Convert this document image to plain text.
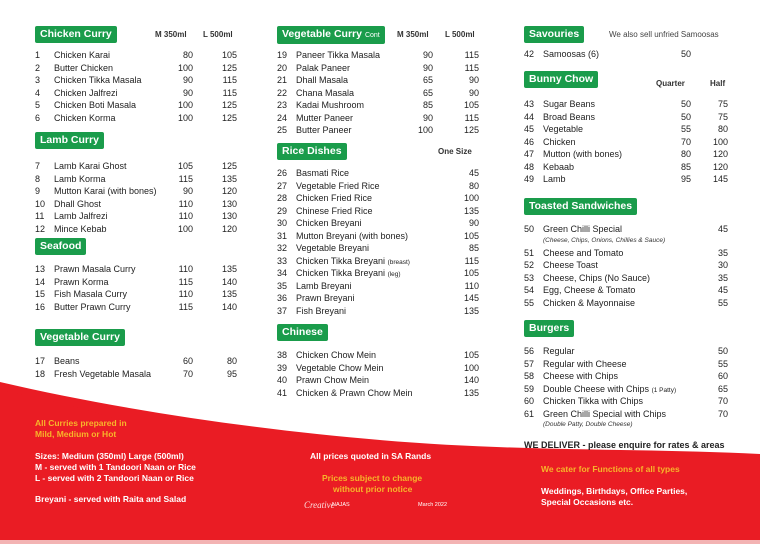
Chicken Curry	M 350ml L 500ml
1 Chicken Karai	80	105
2 Butter Chicken	100	125
3 Chicken Tikka Masala	90	115
4 Chicken Jalfrezi	90	115
5 Chicken Boti Masala	100	125
6 Chicken Korma	100	125
Lamb Curry
7 Lamb Karai Ghost	105	125
8 Lamb Korma	115	135
9 Mutton Karai (with bones)	90	120
10 Dhall Ghost	110	130
11 Lamb Jalfrezi	110	130
12 Mince Kebab	100	120
Seafood
13 Prawn Masala Curry	110	135
14 Prawn Korma	115	140
15 Fish Masala Curry	110	135
16 Butter Prawn Curry	115	140
Vegetable Curry
17 Beans	60	80
18 Fresh Vegetable Masala	70	95
Vegetable Curry Cont	M 350ml L 500ml
19 Paneer Tikka Masala	90	115
20 Palak Paneer	90	115
21 Dhall Masala	65	90
22 Chana Masala	65	90
23 Kadai Mushroom	85	105
24 Mutter Paneer	90	115
25 Butter Paneer	100	125
Rice Dishes	One Size
26 Basmati Rice	45
27 Vegetable Fried Rice	80
28 Chicken Fried Rice	100
29 Chinese Fried Rice	135
30 Chicken Breyani	90
31 Mutton Breyani (with bones)	105
32 Vegetable Breyani	85
33 Chicken Tikka Breyani (breast)	115
34 Chicken Tikka Breyani (leg)	105
35 Lamb Breyani	110
36 Prawn Breyani	145
37 Fish Breyani	135
Chinese
38 Chicken Chow Mein	105
39 Vegetable Chow Mein	100
40 Prawn Chow Mein	140
41 Chicken & Prawn Chow Mein	135
Savouries	We also sell unfried Samoosas
42 Samoosas (6)	50
Bunny Chow	Quarter	Half
43 Sugar Beans	50	75
44 Broad Beans	50	75
45 Vegetable	55	80
46 Chicken	70	100
47 Mutton (with bones)	80	120
48 Kebaab	85	120
49 Lamb	95	145
Toasted Sandwiches
50 Green Chilli Special	45
(Cheese, Chips, Onions, Chillies & Sauce)
51 Cheese and Tomato	35
52 Cheese Toast	30
53 Cheese, Chips (No Sauce)	35
54 Egg, Cheese & Tomato	45
55 Chicken & Mayonnaise	55
Burgers
56 Regular	50
57 Regular with Cheese	55
58 Cheese with Chips	60
59 Double Cheese with Chips (1 Patty)	65
60 Chicken Tikka with Chips	70
61 Green Chilli Special with Chips	70
(Double Patty, Double Cheese)
WE DELIVER - please enquire for rates & areas
All Curries prepared in
Mild, Medium or Hot
Sizes: Medium (350ml) Large (500ml)
M - served with 1 Tandoori Naan or Rice
L - served with 2 Tandoori Naan or Rice
Breyani - served with Raita and Salad
All prices quoted in SA Rands
Prices subject to change
without prior notice
Creative
NAJAS	March 2022
We cater for Functions of all types
Weddings, Birthdays, Office Parties,
Special Occasions etc.
